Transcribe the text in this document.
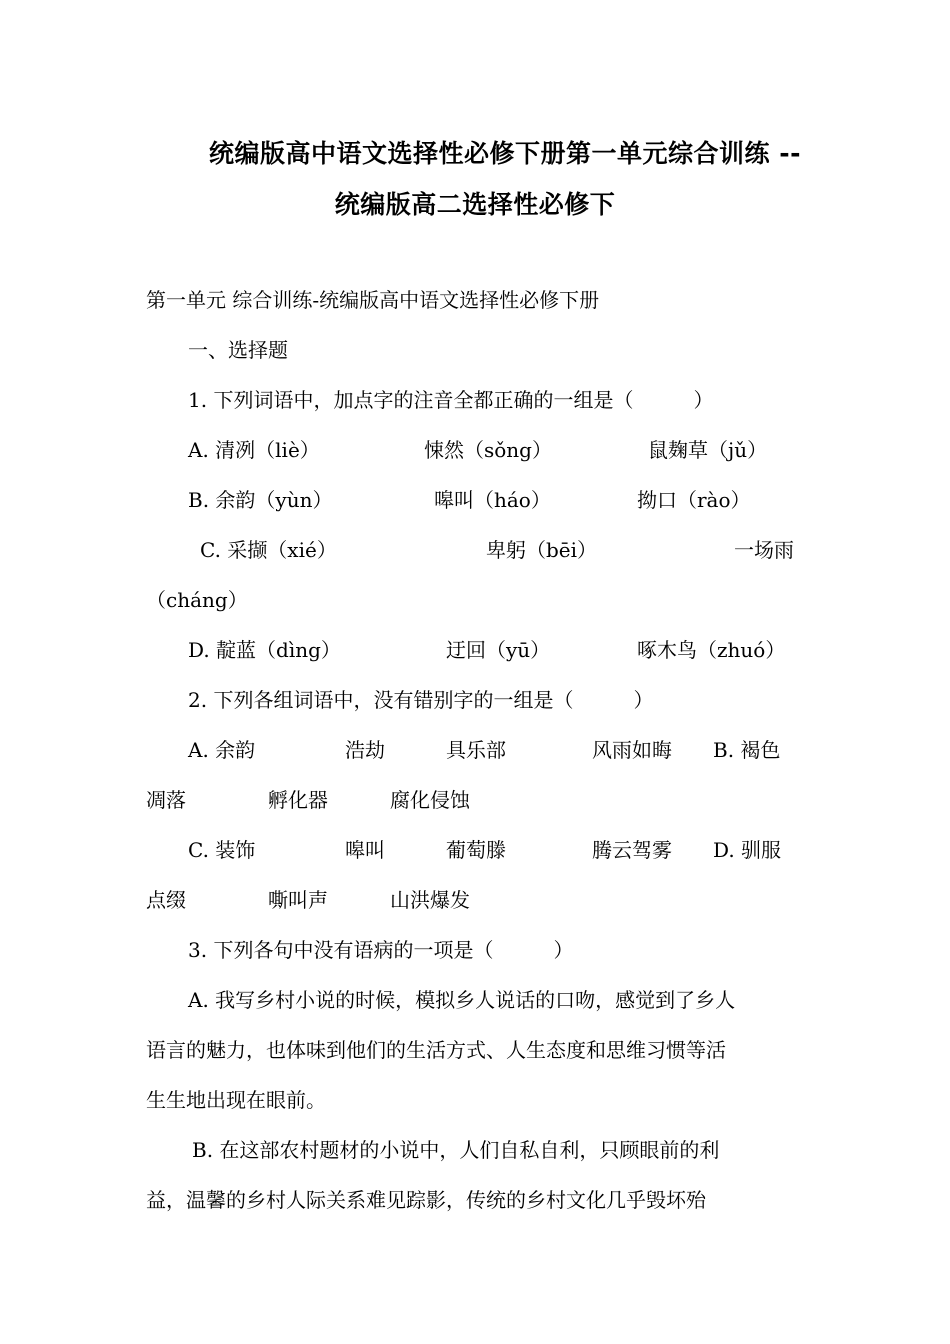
统编版高中语文选择性必修下册第一单元综合训练 --
统编版高二选择性必修下
第一单元 综合训练-统编版高中语文选择性必修下册
一、选择题
1. 下列词语中，加点字的注音全都正确的一组是（　　　）
A. 清冽（liè）	悚然（sǒng）	鼠麹草（jǔ）
B. 余韵（yùn）	嗥叫（háo）	拗口（rào）
C. 采撷（xié）	卑躬（bēi）	一场雨
（cháng）
D. 靛蓝（dìng）	迂回（yū）	啄木鸟（zhuó）
2. 下列各组词语中，没有错别字的一组是（　　　）
A. 余韵	浩劫	具乐部	风雨如晦 B. 褐色
凋落	孵化器	腐化侵蚀
C. 装饰	嗥叫	葡萄滕	腾云驾雾 D. 驯服
点缀	嘶叫声	山洪爆发
3. 下列各句中没有语病的一项是（　　　）
A. 我写乡村小说的时候，模拟乡人说话的口吻，感觉到了乡人
语言的魅力，也体味到他们的生活方式、人生态度和思维习惯等活
生生地出现在眼前。
B. 在这部农村题材的小说中，人们自私自利，只顾眼前的利
益，温馨的乡村人际关系难见踪影，传统的乡村文化几乎毁坏殆
